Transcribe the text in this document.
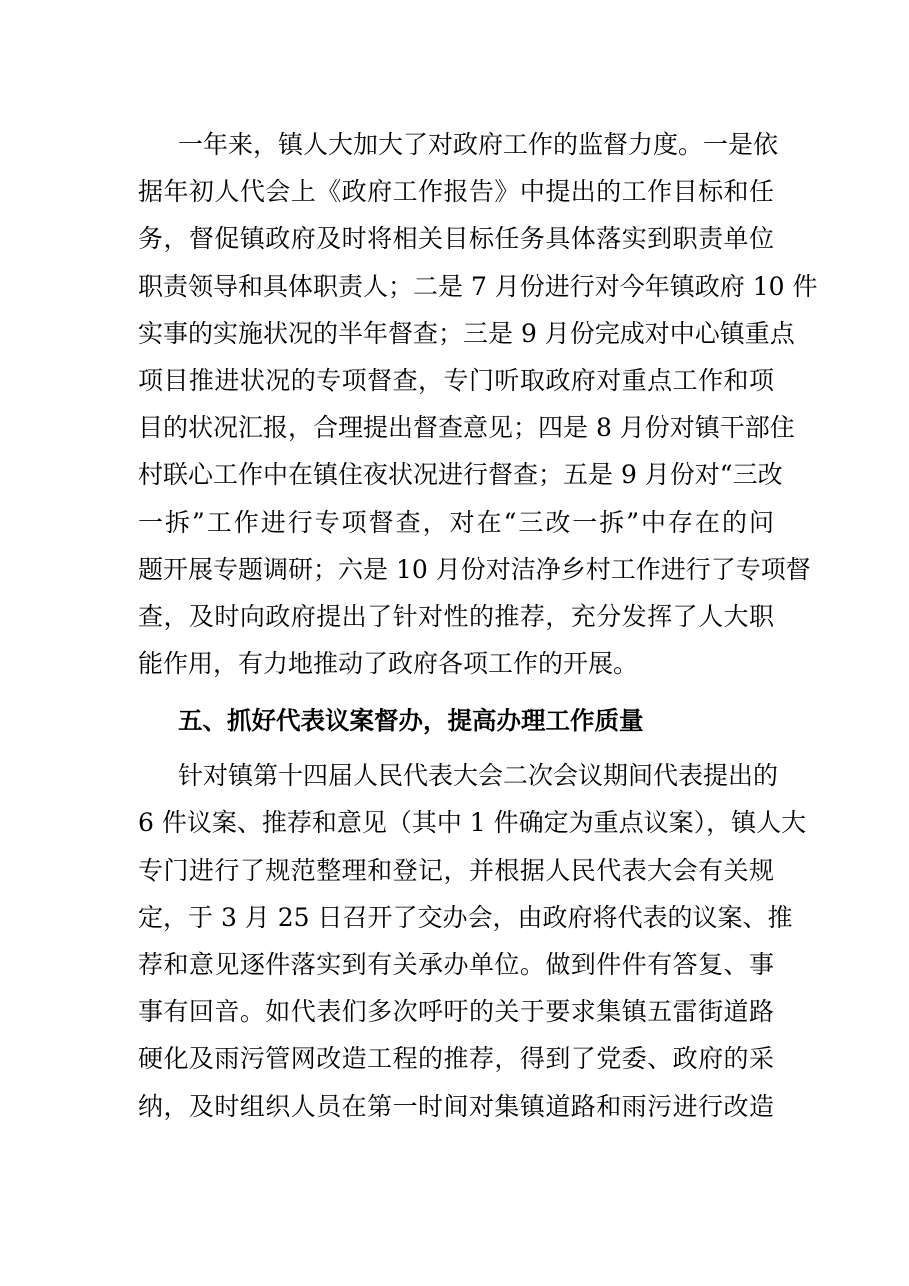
一年来，镇人大加大了对政府工作的监督力度。一是依
据年初人代会上《政府工作报告》中提出的工作目标和任
务，督促镇政府及时将相关目标任务具体落实到职责单位
职责领导和具体职责人；二是 7 月份进行对今年镇政府 10 件
实事的实施状况的半年督查；三是 9 月份完成对中心镇重点
项目推进状况的专项督查，专门听取政府对重点工作和项
目的状况汇报，合理提出督查意见；四是 8 月份对镇干部住
村联心工作中在镇住夜状况进行督查；五是 9 月份对“三改
一拆”工作进行专项督查，对在“三改一拆”中存在的问
题开展专题调研；六是 10 月份对洁净乡村工作进行了专项督
查，及时向政府提出了针对性的推荐，充分发挥了人大职
能作用，有力地推动了政府各项工作的开展。
五、抓好代表议案督办，提高办理工作质量
针对镇第十四届人民代表大会二次会议期间代表提出的
6 件议案、推荐和意见（其中 1 件确定为重点议案），镇人大
专门进行了规范整理和登记，并根据人民代表大会有关规
定，于 3 月 25 日召开了交办会，由政府将代表的议案、推
荐和意见逐件落实到有关承办单位。做到件件有答复、事
事有回音。如代表们多次呼吁的关于要求集镇五雷街道路
硬化及雨污管网改造工程的推荐，得到了党委、政府的采
纳，及时组织人员在第一时间对集镇道路和雨污进行改造
